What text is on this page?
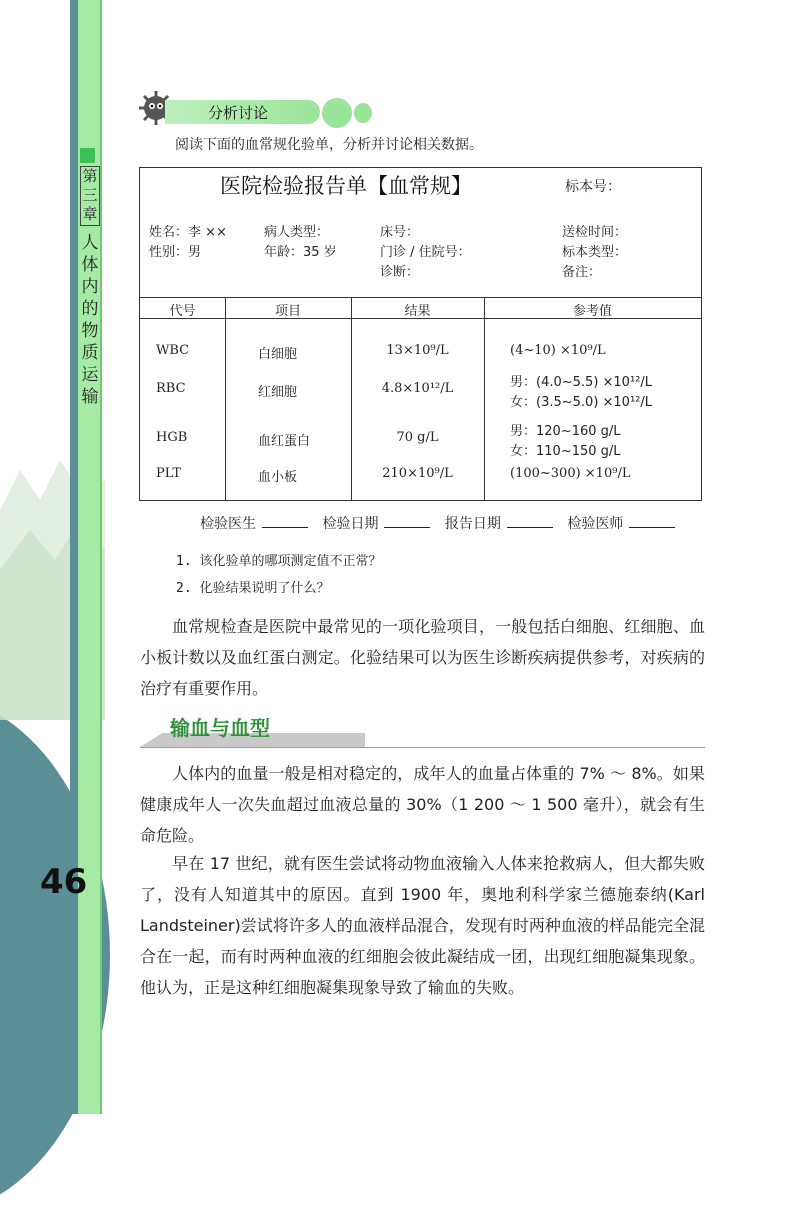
第三章
人体内的物质运输
46
分析讨论
阅读下面的血常规化验单，分析并讨论相关数据。
医院检验报告单【血常规】	标本号：
姓名：李 ××	病人类型：	床号：	送检时间：
性别：男	年龄：35 岁	门诊 / 住院号：	标本类型：
诊断：	备注：
代号	项目	结果	参考值
WBC	白细胞	13×10⁹/L	(4~10) ×10⁹/L
RBC	红细胞	4.8×10¹²/L	男：(4.0~5.5) ×10¹²/L
女：(3.5~5.0) ×10¹²/L
HGB	血红蛋白	70 g/L	男：120~160 g/L
女：110~150 g/L
PLT	血小板	210×10⁹/L	(100~300) ×10⁹/L
检验医生	检验日期	报告日期	检验医师
1. 该化验单的哪项测定值不正常？
2. 化验结果说明了什么？

血常规检查是医院中最常见的一项化验项目，一般包括白细胞、红细胞、血小板计数以及血红蛋白测定。化验结果可以为医生诊断疾病提供参考，对疾病的治疗有重要作用。

输血与血型

人体内的血量一般是相对稳定的，成年人的血量占体重的 7% ～ 8%。如果健康成年人一次失血超过血液总量的 30%（1 200 ～ 1 500 毫升），就会有生命危险。

早在 17 世纪，就有医生尝试将动物血液输入人体来抢救病人，但大都失败了，没有人知道其中的原因。直到 1900 年，奥地利科学家兰德施泰纳(Karl Landsteiner)尝试将许多人的血液样品混合，发现有时两种血液的样品能完全混合在一起，而有时两种血液的红细胞会彼此凝结成一团，出现红细胞凝集现象。他认为，正是这种红细胞凝集现象导致了输血的失败。
